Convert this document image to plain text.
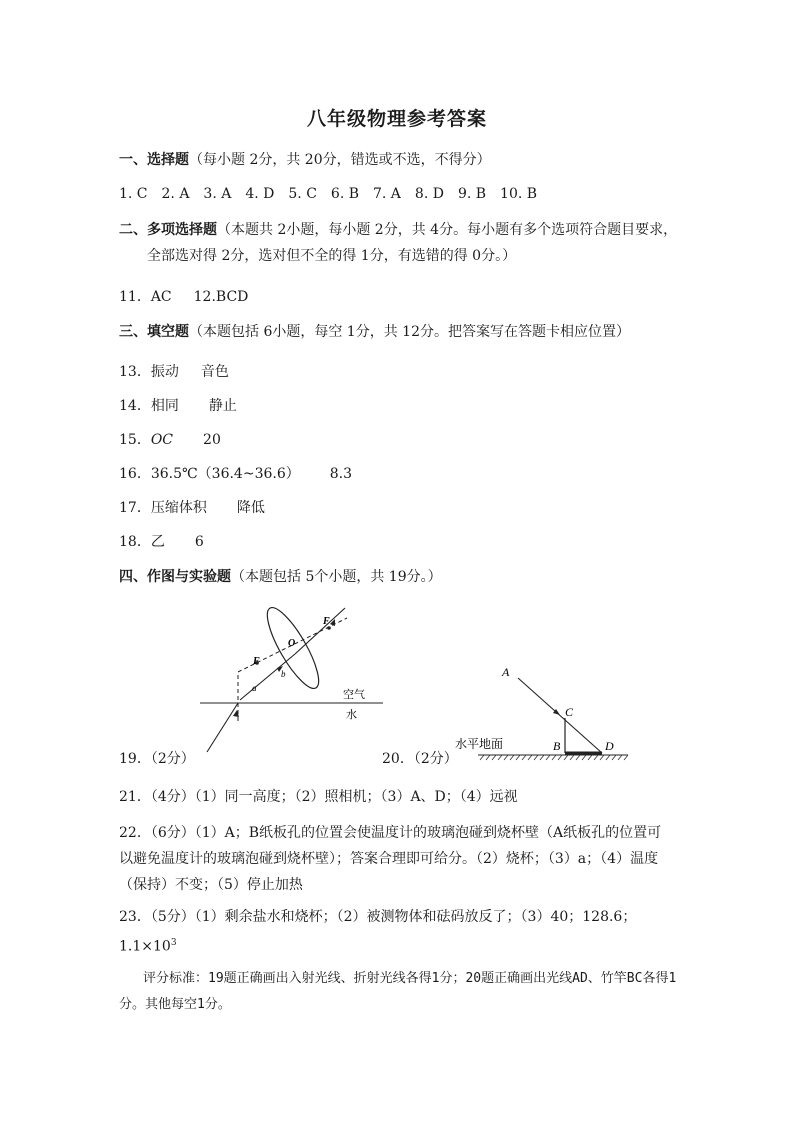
八年级物理参考答案
一、选择题（每小题 2分，共 20分，错选或不选，不得分）
1. C　2. A　3. A　4. D　5. C　6. B　7. A　8. D　9. B　10. B
二、多项选择题（本题共 2小题，每小题 2分，共 4分。每小题有多个选项符合题目要求，
全部选对得 2分，选对但不全的得 1分，有选错的得 0分。）
11．AC 12.BCD
三、填空题（本题包括 6小题，每空 1分，共 12分。把答案写在答题卡相应位置）
13．振动 音色
14．相同 静止
15．OC 20
16．36.5℃（36.4~36.6） 8.3
17．压缩体积 降低
18．乙 6
四、作图与实验题（本题包括 5个小题，共 19分。）
F
O
F
a
b
空气
水
A
C
B	D
水平地面
19．（2分）	20．（2分）
21．（4分）（1）同一高度；（2）照相机；（3）A、D；（4）远视
22．（6分）（1）A；B纸板孔的位置会使温度计的玻璃泡碰到烧杯壁（A纸板孔的位置可
以避免温度计的玻璃泡碰到烧杯壁）；答案合理即可给分。（2）烧杯；（3）a；（4）温度
（保持）不变；（5）停止加热
23．（5分）（1）剩余盐水和烧杯；（2）被测物体和砝码放反了；（3）40；128.6；
$1.1\times 10^3$
评分标准：19题正确画出入射光线、折射光线各得1分；20题正确画出光线AD、竹竿BC各得1分。其他每空1分。
